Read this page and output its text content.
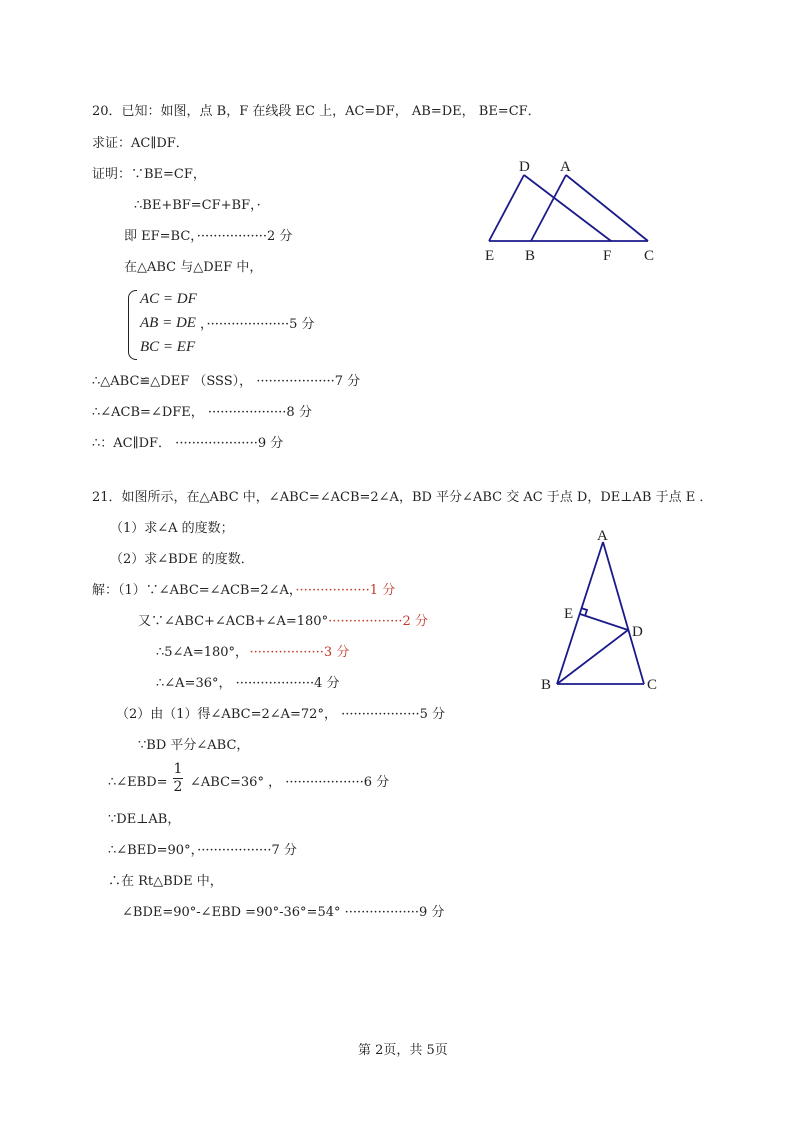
20．已知：如图，点 B，F 在线段 EC 上，AC=DF， AB=DE， BE=CF．
求证：AC∥DF．
证明：∵BE=CF，
∴BE+BF=CF+BF，·
即 EF=BC，·················2 分
在△ABC 与△DEF 中，
AC = DF
AB = DE
BC = EF
，····················5 分
∴△ABC≌△DEF （SSS）， ···················7 分
∴∠ACB=∠DFE， ···················8 分
∴：AC∥DF． ····················9 分
D A
E B	F C
21．如图所示，在△ABC 中，∠ABC=∠ACB=2∠A，BD 平分∠ABC 交 AC 于点 D，DE⊥AB 于点 E ．
（1）求∠A 的度数；
（2）求∠BDE 的度数．
解：（1）∵∠ABC=∠ACB=2∠A，··················1 分
又∵∠ABC+∠ACB+∠A=180°··················2 分
∴5∠A=180°， ··················3 分
∴∠A=36°， ···················4 分
（2）由（1）得∠ABC=2∠A=72°， ···················5 分
∵BD 平分∠ABC，
∴∠EBD=
1
2 ∠ABC=36° ， ···················6 分
∵DE⊥AB，
∴∠BED=90°，··················7 分
∴在 Rt△BDE 中，
∠BDE=90°-∠EBD =90°-36°=54° ··················9 分
A
E
D
B	C
第 2页，共 5页
